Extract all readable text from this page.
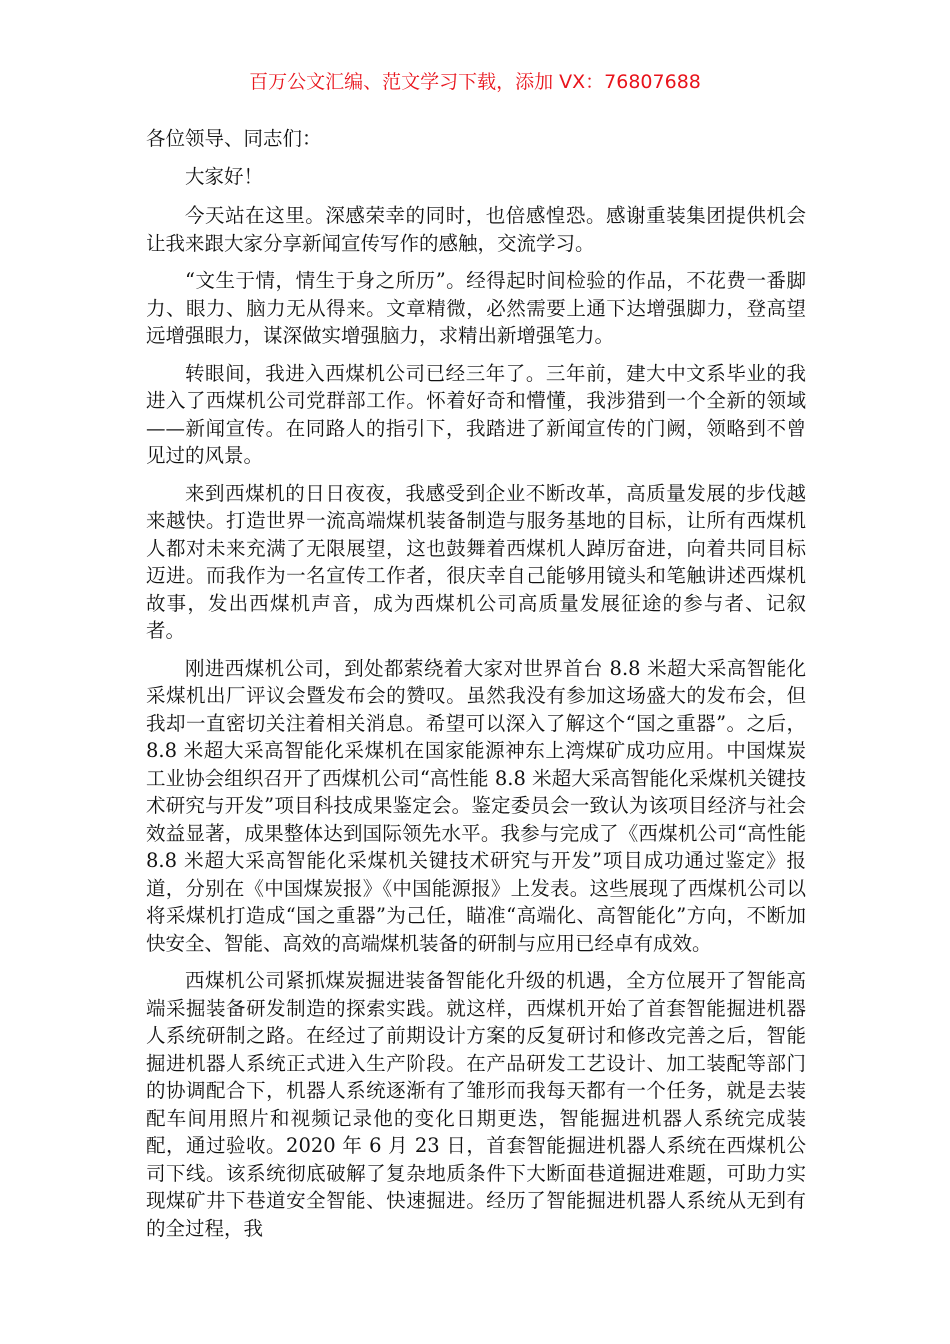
百万公文汇编、范文学习下载，添加 VX：76807688

各位领导、同志们：

大家好！

今天站在这里。深感荣幸的同时，也倍感惶恐。感谢重装集团提供机会让我来跟大家分享新闻宣传写作的感触，交流学习。

“文生于情，情生于身之所历”。经得起时间检验的作品，不花费一番脚力、眼力、脑力无从得来。文章精微，必然需要上通下达增强脚力，登高望远增强眼力，谋深做实增强脑力，求精出新增强笔力。

转眼间，我进入西煤机公司已经三年了。三年前，建大中文系毕业的我进入了西煤机公司党群部工作。怀着好奇和懵懂，我涉猎到一个全新的领域——新闻宣传。在同路人的指引下，我踏进了新闻宣传的门阙，领略到不曾见过的风景。

来到西煤机的日日夜夜，我感受到企业不断改革，高质量发展的步伐越来越快。打造世界一流高端煤机装备制造与服务基地的目标，让所有西煤机人都对未来充满了无限展望，这也鼓舞着西煤机人踔厉奋进，向着共同目标迈进。而我作为一名宣传工作者，很庆幸自己能够用镜头和笔触讲述西煤机故事，发出西煤机声音，成为西煤机公司高质量发展征途的参与者、记叙者。

刚进西煤机公司，到处都萦绕着大家对世界首台 8.8 米超大采高智能化采煤机出厂评议会暨发布会的赞叹。虽然我没有参加这场盛大的发布会，但我却一直密切关注着相关消息。希望可以深入了解这个“国之重器”。之后，8.8 米超大采高智能化采煤机在国家能源神东上湾煤矿成功应用。中国煤炭工业协会组织召开了西煤机公司“高性能 8.8 米超大采高智能化采煤机关键技术研究与开发”项目科技成果鉴定会。鉴定委员会一致认为该项目经济与社会效益显著，成果整体达到国际领先水平。我参与完成了《西煤机公司“高性能 8.8 米超大采高智能化采煤机关键技术研究与开发”项目成功通过鉴定》报道，分别在《中国煤炭报》《中国能源报》上发表。这些展现了西煤机公司以将采煤机打造成“国之重器”为己任，瞄准“高端化、高智能化”方向，不断加快安全、智能、高效的高端煤机装备的研制与应用已经卓有成效。

西煤机公司紧抓煤炭掘进装备智能化升级的机遇，全方位展开了智能高端采掘装备研发制造的探索实践。就这样，西煤机开始了首套智能掘进机器人系统研制之路。在经过了前期设计方案的反复研讨和修改完善之后，智能掘进机器人系统正式进入生产阶段。在产品研发工艺设计、加工装配等部门的协调配合下，机器人系统逐渐有了雏形而我每天都有一个任务，就是去装配车间用照片和视频记录他的变化日期更迭，智能掘进机器人系统完成装配，通过验收。2020 年 6 月 23 日，首套智能掘进机器人系统在西煤机公司下线。该系统彻底破解了复杂地质条件下大断面巷道掘进难题，可助力实现煤矿井下巷道安全智能、快速掘进。经历了智能掘进机器人系统从无到有的全过程，我
